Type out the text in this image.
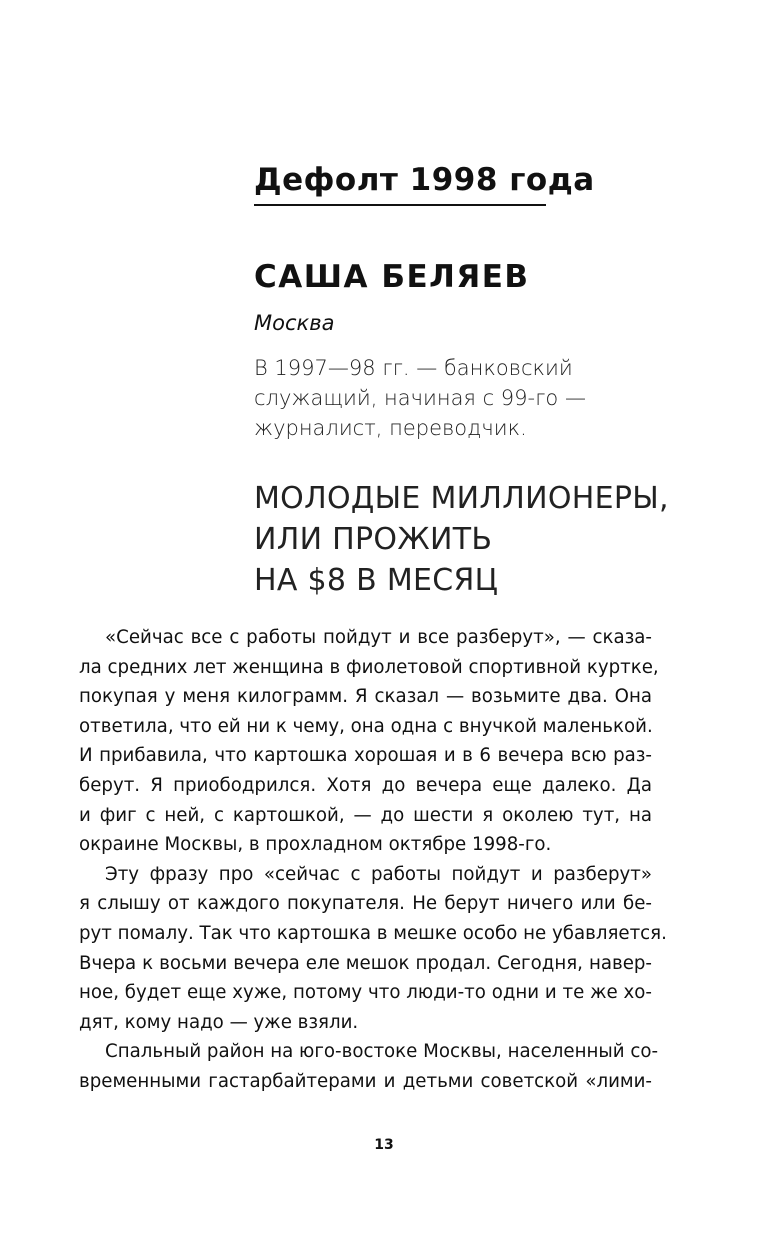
Дефолт 1998 года
САША БЕЛЯЕВ
Москва
В 1997—98 гг. — банковский
служащий, начиная с 99-го —
журналист, переводчик.
МОЛОДЫЕ МИЛЛИОНЕРЫ,
ИЛИ ПРОЖИТЬ
НА $8 В МЕСЯЦ
«Сейчас все с работы пойдут и все разберут», — сказа-
ла средних лет женщина в фиолетовой спортивной куртке,
покупая у меня килограмм. Я сказал — возьмите два. Она
ответила, что ей ни к чему, она одна с внучкой маленькой.
И прибавила, что картошка хорошая и в 6 вечера всю раз-
берут. Я приободрился. Хотя до вечера еще далеко. Да
и фиг с ней, с картошкой, — до шести я околею тут, на
окраине Москвы, в прохладном октябре 1998-го.
Эту фразу про «сейчас с работы пойдут и разберут»
я слышу от каждого покупателя. Не берут ничего или бе-
рут помалу. Так что картошка в мешке особо не убавляется.
Вчера к восьми вечера еле мешок продал. Сегодня, навер-
ное, будет еще хуже, потому что люди-то одни и те же хо-
дят, кому надо — уже взяли.
Спальный район на юго-востоке Москвы, населенный со-
временными гастарбайтерами и детьми советской «лими-
13
